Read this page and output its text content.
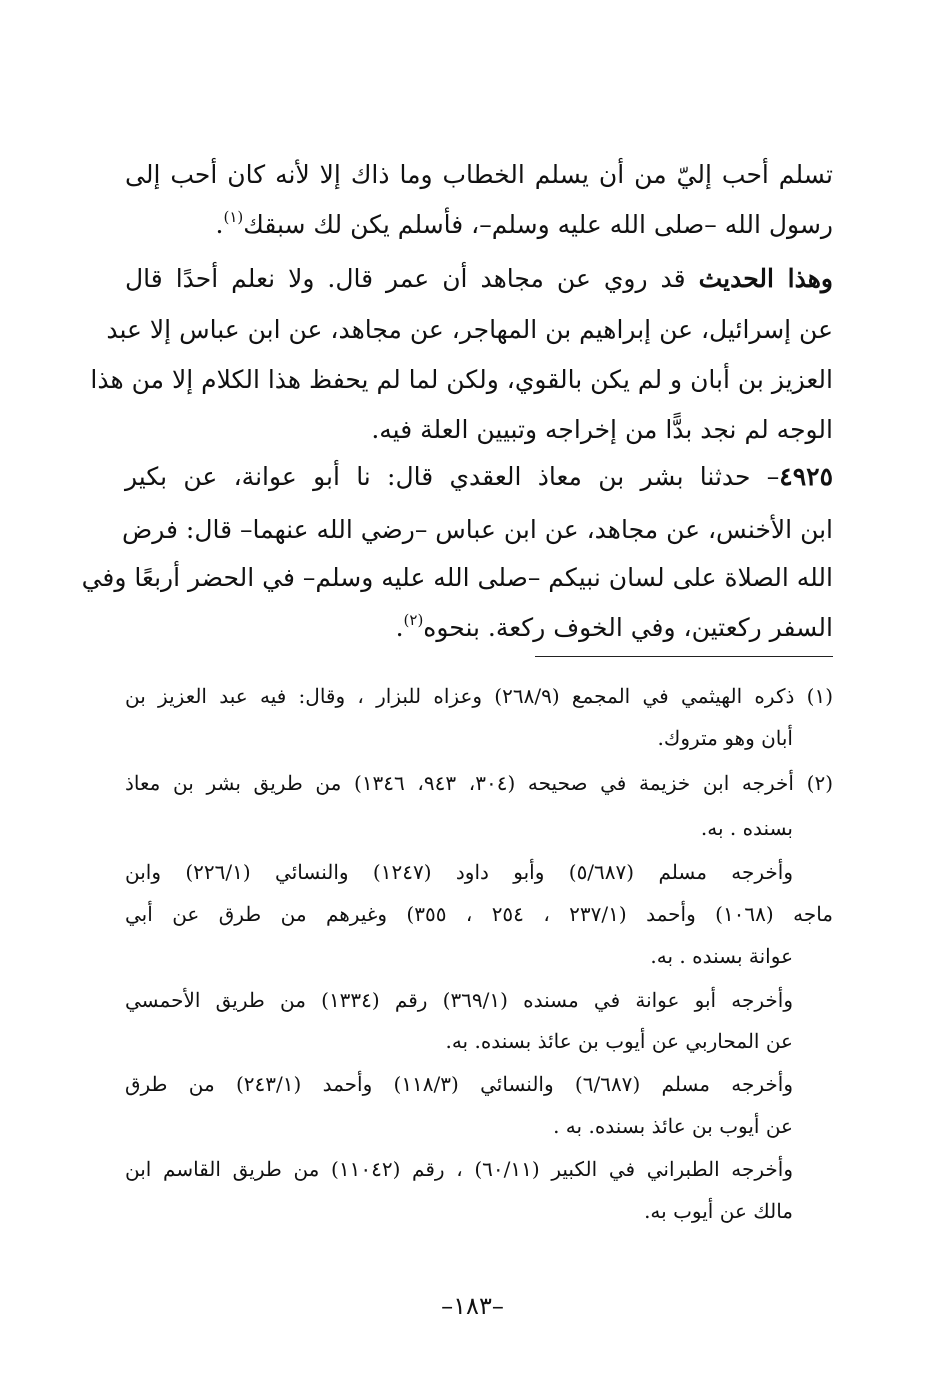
تسلم أحب إليّ من أن يسلم الخطاب وما ذاك إلا لأنه كان أحب إلى
رسول الله –صلى الله عليه وسلم–، فأسلم يكن لك سبقك$^{(١)}$.
وهذا الحديث قد روي عن مجاهد أن عمر قال. ولا نعلم أحدًا قال
عن إسرائيل، عن إبراهيم بن المهاجر، عن مجاهد، عن ابن عباس إلا عبد
العزيز بن أبان و لم يكن بالقوي، ولكن لما لم يحفظ هذا الكلام إلا من هذا
الوجه لم نجد بدًّا من إخراجه وتبيين العلة فيه.
٤٩٢٥– حدثنا بشر بن معاذ العقدي قال: نا أبو عوانة، عن بكير
ابن الأخنس، عن مجاهد، عن ابن عباس –رضي الله عنهما– قال: فرض
الله الصلاة على لسان نبيكم –صلى الله عليه وسلم– في الحضر أربعًا وفي
السفر ركعتين، وفي الخوف ركعة. بنحوه$^{(٢)}$.
(١) ذكره الهيثمي في المجمع (٢٦٨/٩) وعزاه للبزار ، وقال: فيه عبد العزيز بن
أبان وهو متروك.
(٢) أخرجه ابن خزيمة في صحيحه (٣٠٤، ٩٤٣، ١٣٤٦) من طريق بشر بن معاذ
بسنده . به.
وأخرجه مسلم (٥/٦٨٧) وأبو داود (١٢٤٧) والنسائي (٢٢٦/١) وابن
ماجه (١٠٦٨) وأحمد (٢٣٧/١ ، ٢٥٤ ، ٣٥٥) وغيرهم من طرق عن أبي
عوانة بسنده . به.
وأخرجه أبو عوانة في مسنده (٣٦٩/١) رقم (١٣٣٤) من طريق الأحمسي
عن المحاربي عن أيوب بن عائذ بسنده. به.
وأخرجه مسلم (٦/٦٨٧) والنسائي (١١٨/٣) وأحمد (٢٤٣/١) من طرق
عن أيوب بن عائذ بسنده. به .
وأخرجه الطبراني في الكبير (٦٠/١١) ، رقم (١١٠٤٢) من طريق القاسم ابن
مالك عن أيوب به.
–١٨٣–
